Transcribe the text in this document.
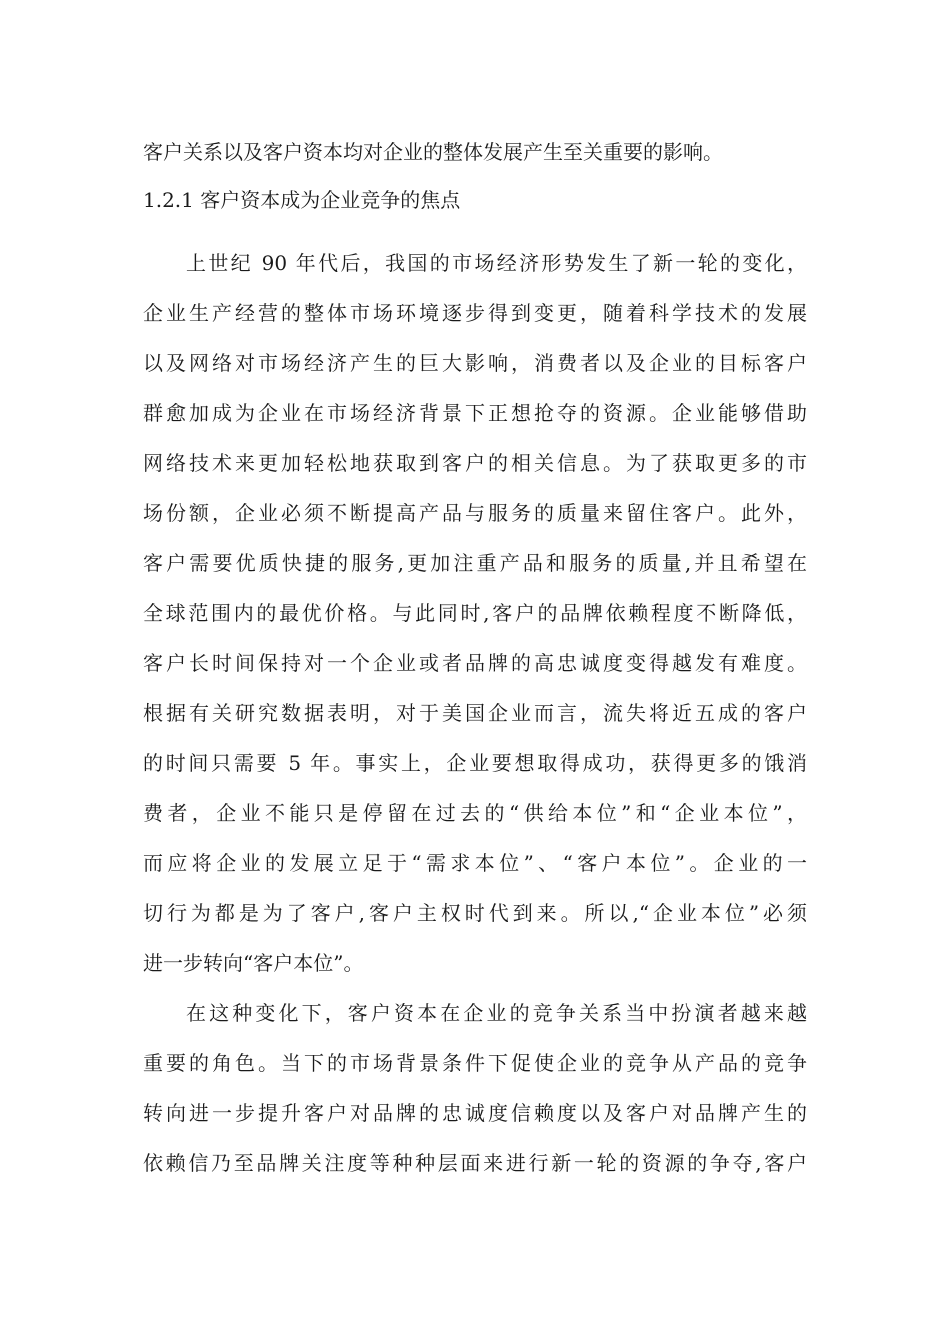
客户关系以及客户资本均对企业的整体发展产生至关重要的影响。
1.2.1 客户资本成为企业竞争的焦点
上世纪 90 年代后，我国的市场经济形势发生了新一轮的变化，
企业生产经营的整体市场环境逐步得到变更，随着科学技术的发展
以及网络对市场经济产生的巨大影响，消费者以及企业的目标客户
群愈加成为企业在市场经济背景下正想抢夺的资源。企业能够借助
网络技术来更加轻松地获取到客户的相关信息。为了获取更多的市
场份额，企业必须不断提高产品与服务的质量来留住客户。此外，
客户需要优质快捷的服务,更加注重产品和服务的质量,并且希望在
全球范围内的最优价格。与此同时,客户的品牌依赖程度不断降低，
客户长时间保持对一个企业或者品牌的高忠诚度变得越发有难度。
根据有关研究数据表明，对于美国企业而言，流失将近五成的客户
的时间只需要 5 年。事实上，企业要想取得成功，获得更多的饿消
费者，企业不能只是停留在过去的“供给本位”和“企业本位”，
而应将企业的发展立足于“需求本位”、“客户本位”。企业的一
切行为都是为了客户,客户主权时代到来。所以,“企业本位”必须
进一步转向“客户本位”。
在这种变化下，客户资本在企业的竞争关系当中扮演者越来越
重要的角色。当下的市场背景条件下促使企业的竞争从产品的竞争
转向进一步提升客户对品牌的忠诚度信赖度以及客户对品牌产生的
依赖信乃至品牌关注度等种种层面来进行新一轮的资源的争夺,客户
